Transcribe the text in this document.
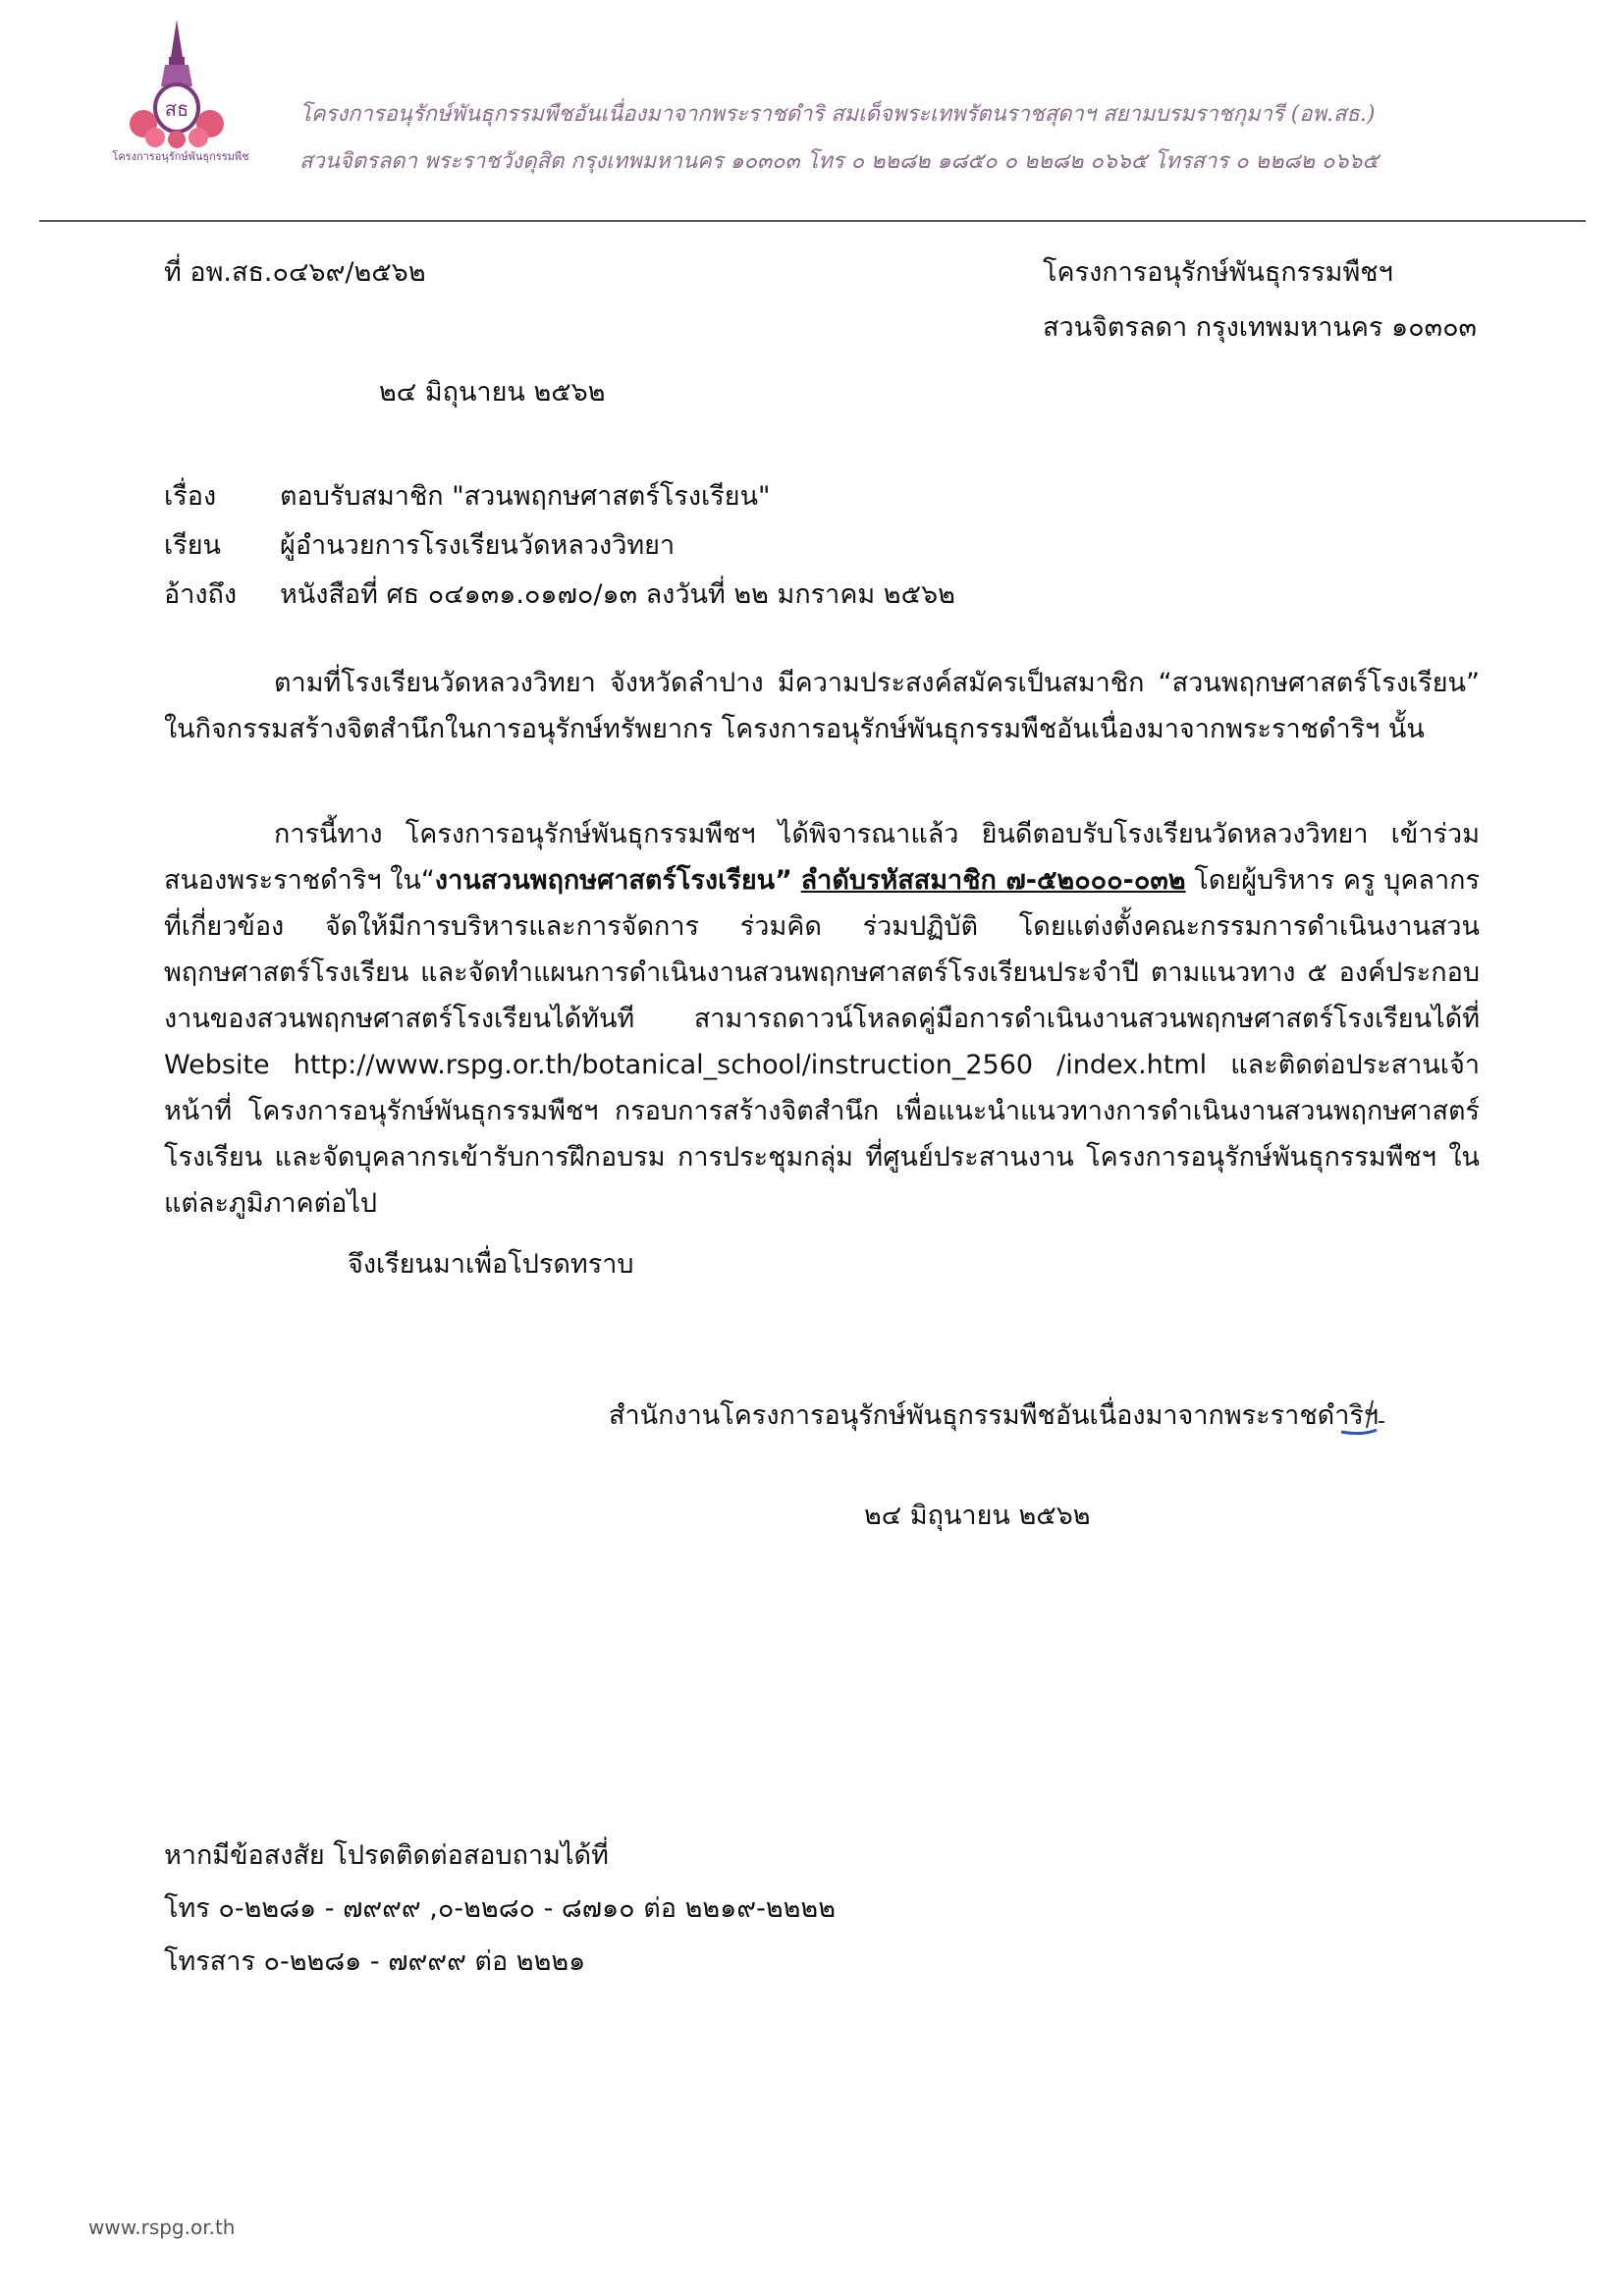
สธ
โครงการอนุรักษ์พันธุกรรมพืช
โครงการอนุรักษ์พันธุกรรมพืชอันเนื่องมาจากพระราชดำริ สมเด็จพระเทพรัตนราชสุดาฯ สยามบรมราชกุมารี (อพ.สธ.)
สวนจิตรลดา พระราชวังดุสิต กรุงเทพมหานคร ๑๐๓๐๓ โทร ๐ ๒๒๘๒ ๑๘๕๐ ๐ ๒๒๘๒ ๐๖๖๕ โทรสาร ๐ ๒๒๘๒ ๐๖๖๕
ที่ อพ.สธ.๐๔๖๙/๒๕๖๒	โครงการอนุรักษ์พันธุกรรมพืชฯ
สวนจิตรลดา กรุงเทพมหานคร ๑๐๓๐๓
๒๔ มิถุนายน ๒๕๖๒
เรื่อง ตอบรับสมาชิก "สวนพฤกษศาสตร์โรงเรียน"
เรียน ผู้อำนวยการโรงเรียนวัดหลวงวิทยา
อ้างถึง หนังสือที่ ศธ ๐๔๑๓๑.๐๑๗๐/๑๓ ลงวันที่ ๒๒ มกราคม ๒๕๖๒

ตามที่โรงเรียนวัดหลวงวิทยา จังหวัดลำปาง มีความประสงค์สมัครเป็นสมาชิก “สวนพฤกษศาสตร์โรงเรียน” ในกิจกรรมสร้างจิตสำนึกในการอนุรักษ์ทรัพยากร โครงการอนุรักษ์พันธุกรรมพืชอันเนื่องมาจากพระราชดำริฯ นั้น

การนี้ทาง โครงการอนุรักษ์พันธุกรรมพืชฯ ได้พิจารณาแล้ว ยินดีตอบรับโรงเรียนวัดหลวงวิทยา เข้าร่วมสนองพระราชดำริฯ ใน“งานสวนพฤกษศาสตร์โรงเรียน” ลำดับรหัสสมาชิก ๗-๕๒๐๐๐-๐๓๒ โดยผู้บริหาร ครู บุคลากรที่เกี่ยวข้อง จัดให้มีการบริหารและการจัดการ ร่วมคิด ร่วมปฏิบัติ โดยแต่งตั้งคณะกรรมการดำเนินงานสวนพฤกษศาสตร์โรงเรียน และจัดทำแผนการดำเนินงานสวนพฤกษศาสตร์โรงเรียนประจำปี ตามแนวทาง ๕ องค์ประกอบงานของสวนพฤกษศาสตร์โรงเรียนได้ทันที สามารถดาวน์โหลดคู่มือการดำเนินงานสวนพฤกษศาสตร์โรงเรียนได้ที่ Website http://www.rspg.or.th/botanical_school/instruction_2560 /index.html และติดต่อประสานเจ้าหน้าที่ โครงการอนุรักษ์พันธุกรรมพืชฯ กรอบการสร้างจิตสำนึก เพื่อแนะนำแนวทางการดำเนินงานสวนพฤกษศาสตร์โรงเรียน และจัดบุคลากรเข้ารับการฝึกอบรม การประชุมกลุ่ม ที่ศูนย์ประสานงาน โครงการอนุรักษ์พันธุกรรมพืชฯ ในแต่ละภูมิภาคต่อไป

จึงเรียนมาเพื่อโปรดทราบ
สำนักงานโครงการอนุรักษ์พันธุกรรมพืชอันเนื่องมาจากพระราชดำริฯ
๒๔ มิถุนายน ๒๕๖๒
หากมีข้อสงสัย โปรดติดต่อสอบถามได้ที่
โทร ๐-๒๒๘๑ - ๗๙๙๙ ,๐-๒๒๘๐ - ๘๗๑๐ ต่อ ๒๒๑๙-๒๒๒๒
โทรสาร ๐-๒๒๘๑ - ๗๙๙๙ ต่อ ๒๒๒๑
www.rspg.or.th
